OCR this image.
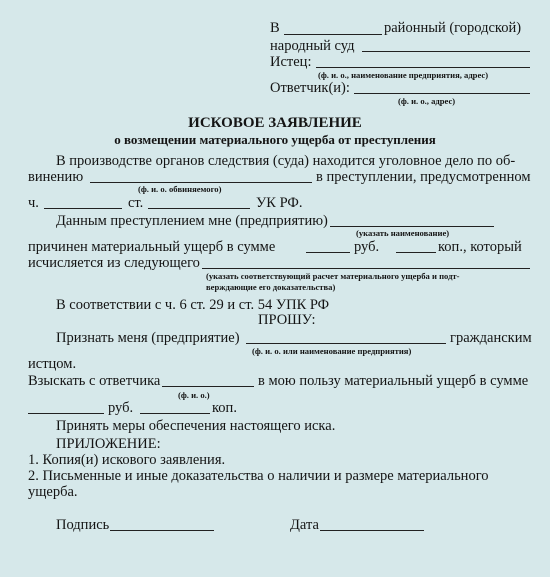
В	районный (городской)
народный суд
Истец:
(ф. и. о., наименование предприятия, адрес)
Ответчик(и):
(ф. и. о., адрес)
ИСКОВОЕ ЗАЯВЛЕНИЕ
о возмещении материального ущерба от преступления
В производстве органов следствия (суда) находится уголовное дело по об-
винению	в преступлении, предусмотренном
(ф. и. о. обвиняемого)
ч.	ст.	УК РФ.
Данным преступлением мне (предприятию)
(указать наименование)
причинен материальный ущерб в сумме	руб.	коп., который
исчисляется из следующего
(указать соответствующий расчет материального ущерба и подт-
верждающие его доказательства)
В соответствии с ч. 6 ст. 29 и ст. 54 УПК РФ
ПРОШУ:
Признать меня (предприятие)	гражданским
(ф. и. о. или наименование предприятия)
истцом.
Взыскать с ответчика	в мою пользу материальный ущерб в сумме
(ф. и. о.)
руб.	коп.
Принять меры обеспечения настоящего иска.
ПРИЛОЖЕНИЕ:
1. Копия(и) искового заявления.
2. Письменные и иные доказательства о наличии и размере материального
ущерба.
Подпись	Дата
